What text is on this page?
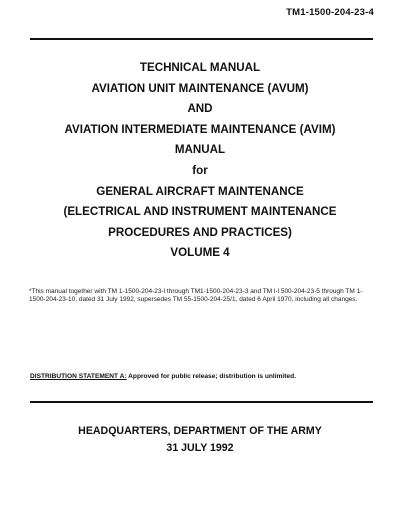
TM1-1500-204-23-4
TECHNICAL MANUAL
AVIATION UNIT MAINTENANCE (AVUM)
AND
AVIATION INTERMEDIATE MAINTENANCE (AVIM)
MANUAL
for
GENERAL AIRCRAFT MAINTENANCE
(ELECTRICAL AND INSTRUMENT MAINTENANCE
PROCEDURES AND PRACTICES)
VOLUME 4
*This manual together with TM 1-1500-204-23-l through TM1-1500-204-23-3 and TM l-l 500-204-23-5 through TM 1-1500-204-23-10, dated 31 July 1992, supersedes TM 55-1500-204-25/1, dated 6 April 1970, including all changes.
DISTRIBUTION STATEMENT A: Approved for public release; distribution is unlimited.
HEADQUARTERS, DEPARTMENT OF THE ARMY
31 JULY 1992
